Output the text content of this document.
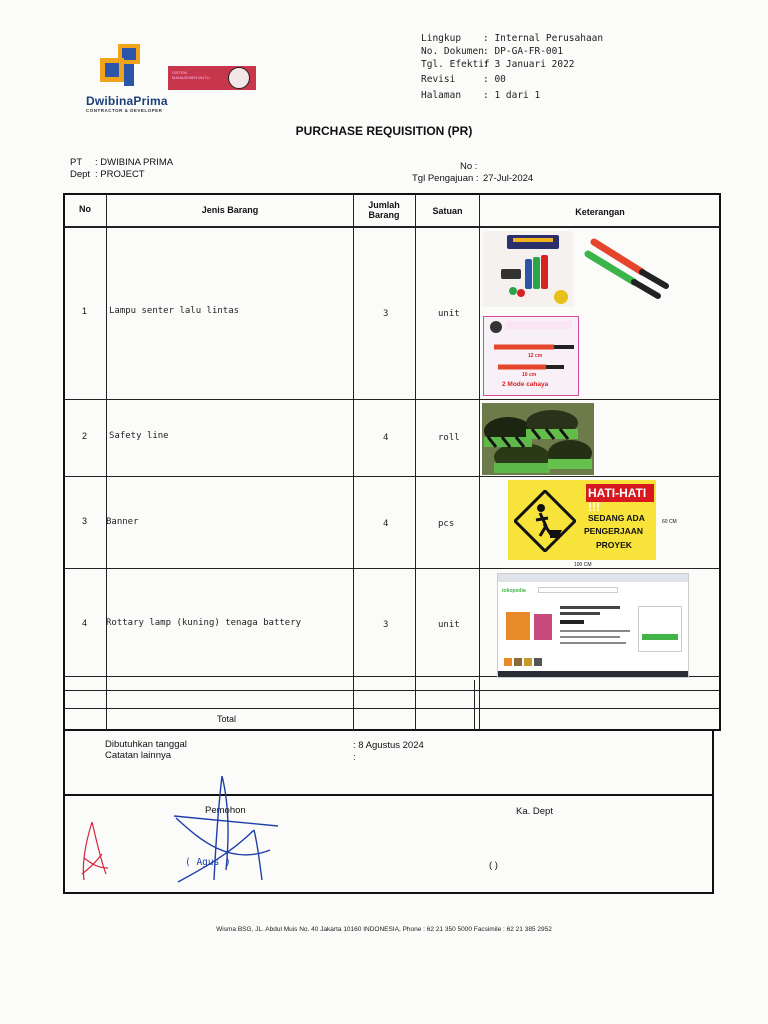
DwibinaPrima
CONTRACTOR & DEVELOPER
SISTEM
MANAJEMEN MUTU
Lingkup : Internal Perusahaan
No. Dokumen : DP-GA-FR-001
Tgl. Efektif
: 3 Januari 2022
Revisi	: 00
Halaman : 1 dari 1
PURCHASE REQUISITION (PR)
PT : DWIBINA PRIMA
Dept : PROJECT
No :
Tgl Pengajuan : 27-Jul-2024
No	Jenis Barang	Jumlah Barang	Satuan	Keterangan
1 Lampu senter lalu lintas	3	unit
2 Safety line	4	roll
3 Banner	4	pcs
4 Rottary lamp (kuning) tenaga battery	3	unit
Total
12 cm
10 cm
2 Mode cahaya
HATI-HATI !!!
SEDANG ADA
PENGERJAAN
PROYEK
60 CM
100 CM
tokopedia
Dibutuhkan tanggal	: 8 Agustus 2024
Catatan lainnya	:
Pemohon
( Agus )
Ka. Dept
( )
Wisma BSG, JL. Abdul Muis No. 40 Jakarta 10160 INDONESIA, Phone : 62 21 350 5000 Facsimile : 62 21 385 2952
